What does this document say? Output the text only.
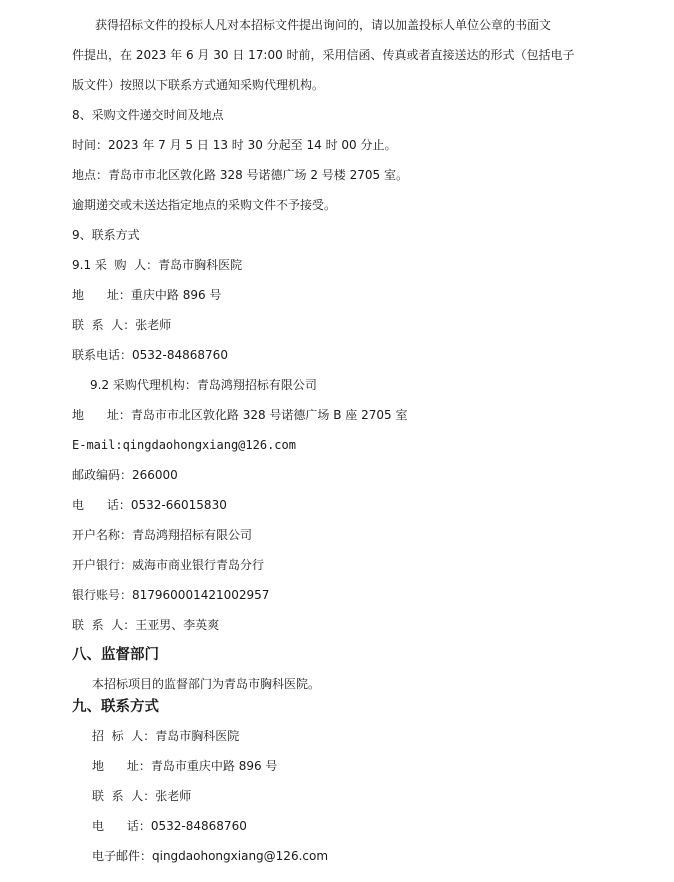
获得招标文件的投标人凡对本招标文件提出询问的，请以加盖投标人单位公章的书面文
件提出，在 2023 年 6 月 30 日 17:00 时前，采用信函、传真或者直接送达的形式（包括电子
版文件）按照以下联系方式通知采购代理机构。
8、采购文件递交时间及地点
时间：2023 年 7 月 5 日 13 时 30 分起至 14 时 00 分止。
地点：青岛市市北区敦化路 328 号诺德广场 2 号楼 2705 室。
逾期递交或未送达指定地点的采购文件不予接受。
9、联系方式
9.1 采  购  人：青岛市胸科医院
地      址：重庆中路 896 号
联  系  人：张老师
联系电话：0532-84868760
9.2 采购代理机构：青岛鸿翔招标有限公司
地      址：青岛市市北区敦化路 328 号诺德广场 B 座 2705 室
E-mail:qingdaohongxiang@126.com
邮政编码：266000
电      话：0532-66015830
开户名称：青岛鸿翔招标有限公司
开户银行：威海市商业银行青岛分行
银行账号：817960001421002957
联  系  人：王亚男、李英爽
八、监督部门
本招标项目的监督部门为青岛市胸科医院。
九、联系方式
招  标  人：青岛市胸科医院
地      址：青岛市重庆中路 896 号
联  系  人：张老师
电      话：0532-84868760
电子邮件：qingdaohongxiang@126.com
